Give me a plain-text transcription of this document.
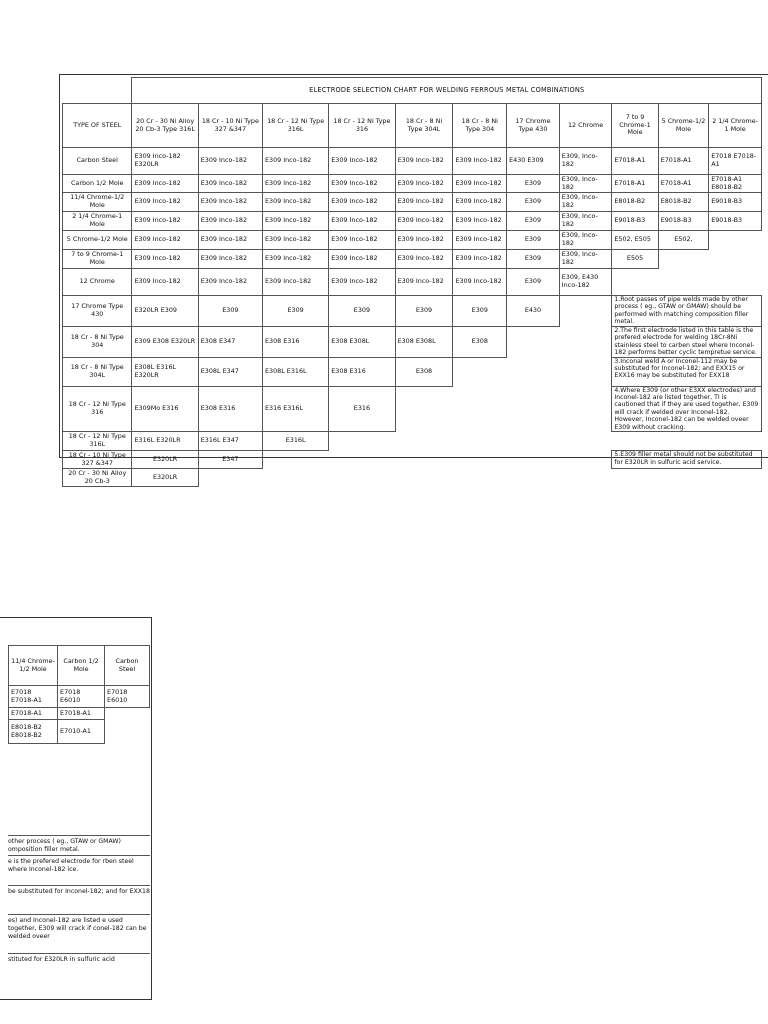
	ELECTRODE SELECTION CHART FOR WELDING FERROUS METAL COMBINATIONS										
TYPE OF STEEL	20 Cr - 30 Ni Alloy 20 Cb-3 Type 316L	18 Cr - 10 Ni Type 327 &347	18 Cr - 12 Ni Type 316L	18 Cr - 12 Ni Type 316	18 Cr - 8 Ni Type 304L	18 Cr - 8 Ni Type 304	17 Chrome Type 430	12 Chrome	7 to 9 Chrome-1 Mole	5 Chrome-1/2 Mole	2 1/4 Chrome- 1 Mole
Carbon Steel	E309 Inco-182 E320LR	E309 Inco-182	E309 Inco-182	E309 Inco-182	E309 Inco-182	E309 Inco-182	E430 E309	E309, Inco-182	E7018-A1	E7018-A1	E7018 E7018-A1
Carbon 1/2 Mole	E309 Inco-182	E309 Inco-182	E309 Inco-182	E309 Inco-182	E309 Inco-182	E309 Inco-182	E309	E309, Inco-182	E7018-A1	E7018-A1	E7018-A1 E8018-B2
11/4 Chrome-1/2 Mole	E309 Inco-182	E309 Inco-182	E309 Inco-182	E309 Inco-182	E309 Inco-182	E309 Inco-182	E309	E309, Inco-182	E8018-B2	E8018-B2	E9018-B3
2 1/4 Chrome-1 Mole	E309 Inco-182	E309 Inco-182	E309 Inco-182	E309 Inco-182	E309 Inco-182	E309 Inco-182	E309	E309, Inco-182	E9018-B3	E9018-B3	E9018-B3
5 Chrome-1/2 Mole	E309 Inco-182	E309 Inco-182	E309 Inco-182	E309 Inco-182	E309 Inco-182	E309 Inco-182	E309	E309, Inco-182	E502, E505	E502,	
7 to 9 Chrome-1 Mole	E309 Inco-182	E309 Inco-182	E309 Inco-182	E309 Inco-182	E309 Inco-182	E309 Inco-182	E309	E309, Inco-182	E505		
12 Chrome	E309 Inco-182	E309 Inco-182	E309 Inco-182	E309 Inco-182	E309 Inco-182	E309 Inco-182	E309	E309, E430 Inco-182			
17 Chrome Type 430	E320LR E309	E309	E309	E309	E309	E309	E430		1.Root passes of pipe welds made by other process ( eg., GTAW or GMAW) should be performed with matching composition filler metal.		
18 Cr - 8 Ni Type 304	E309 E308 E320LR	E308 E347	E308 E316	E308 E308L	E308 E308L	E308			2.The first electrode listed in this table is the prefered electrode for welding 18Cr-8Ni stainless steel to carben steel where Inconel-182 performs better cyclic tempretue service.		
18 Cr - 8 Ni Type 304L	E308L E316L E320LR	E308L E347	E308L E316L	E308 E316	E308				3.Inconal weld A or Inconel-112 may be substituted for Inconel-182; and EXX15 or EXX16 may be substituted for EXX18		
18 Cr - 12 Ni Type 316	E309Mo E316	E308 E316	E316 E316L	E316					4.Where E309 (or other E3XX electrodes) and Inconel-182 are listed together, TI is cautioned that if they are used together, E309 will crack if welded over Inconel-182. However, Inconel-182 can be welded oveer E309 without cracking.		
18 Cr - 12 Ni Type 316L	E316L E320LR	E316L E347	E316L								
18 Cr - 10 Ni Type 327 &347	E320LR	E347							5.E309 filler metal should not be substituted for E320LR in sulfuric acid service.		
20 Cr - 30 Ni Alloy 20 Cb-3	E320LR										
11/4 Chrome-1/2 Mole	Carbon 1/2 Mole	Carbon Steel
E7018 E7018-A1	E7018 E6010	E7018 E6010
E7018-A1	E7018-A1	
E8018-B2 E8018-B2	E7010-A1	
other process ( eg., GTAW or GMAW) omposition filler metal.
e is the prefered electrode for rben steel where Inconel-182 ice.
be substituted for Inconel-182; and for EXX18
es) and Inconel-182 are listed e used together, E309 will crack if conel-182 can be welded oveer
stituted for E320LR in sulfuric acid
